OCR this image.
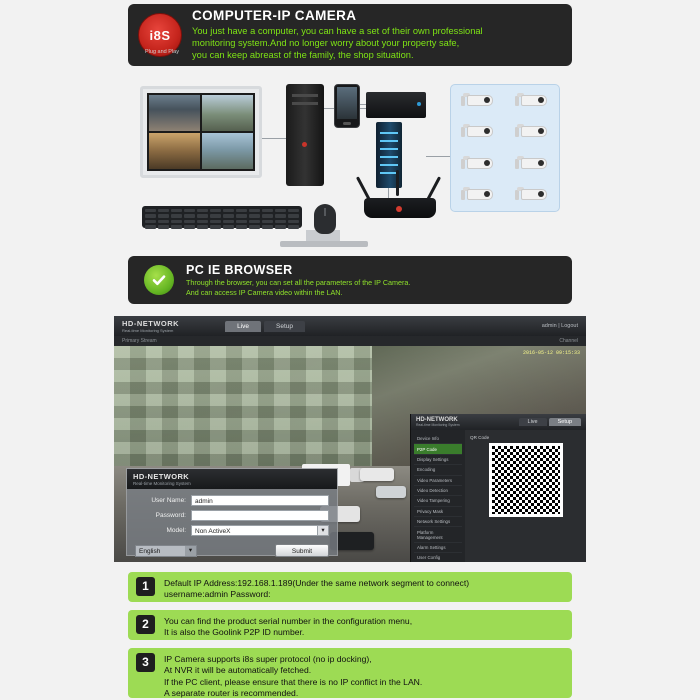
i8S
COMPUTER-IP CAMERA
You just have a computer, you can have a set of their own professional
monitoring system.And no longer worry about your property safe,
you can keep abreast of the family, the shop situation.
Plug and Play
PC IE BROWSER
Through the browser, you can set all the parameters of the IP Camera.
And can access IP Camera video within the LAN.
HD-NETWORK
Real-time Monitoring System
Live	Setup	admin | Logout
Primary Stream	Channel
2016-05-12 09:15:33
HD-NETWORK
Real-time Monitoring System
User Name:	admin
Password:
Model:	Non ActiveX	▾
English	▾	Submit
HD-NETWORK
Real-time Monitoring System	Live	Setup
Device Info
P2P Code
Display Settings
Encoding
Video Parameters
Video Detection
Video Tampering
Privacy Mask
Network Settings
Platform Management
Alarm Settings
User Config
QR Code
1	Default IP Address:192.168.1.189(Under the same network segment to connect)
username:admin Password:
2	You can find the product serial number in the configuration menu,
It is also the Goolink P2P ID number.
3	IP Camera supports i8s super protocol (no ip docking),
At NVR it will be automatically fetched.
If the PC client, please ensure that there is no IP conflict in the LAN.
A separate router is recommended.
